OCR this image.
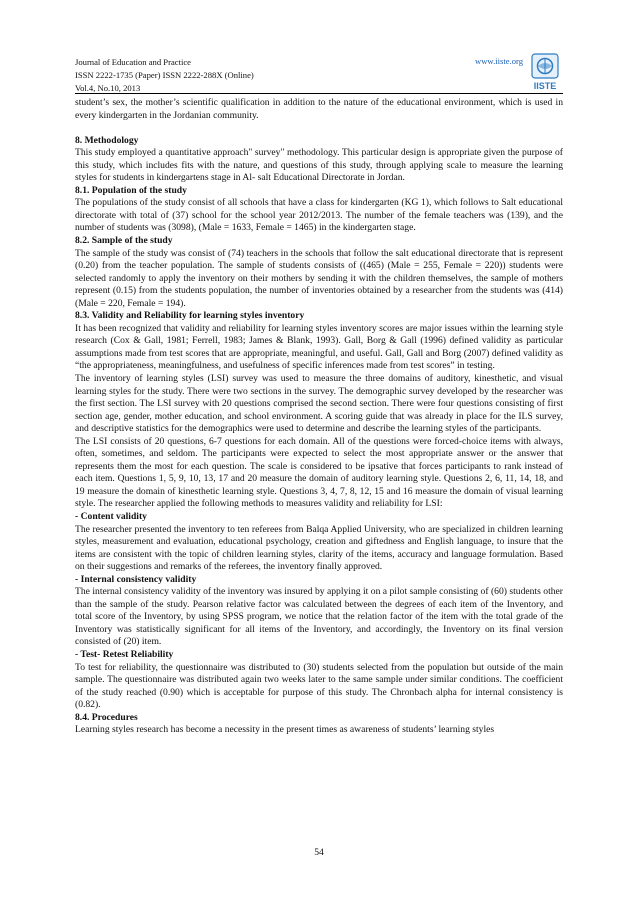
Journal of Education and Practice
ISSN 2222-1735 (Paper) ISSN 2222-288X (Online)
Vol.4, No.10, 2013
www.iiste.org
IISTE

student’s sex, the mother’s scientific qualification in addition to the nature of the educational environment, which is used in every kindergarten in the Jordanian community.

8. Methodology

This study employed a quantitative approach" survey" methodology. This particular design is appropriate given the purpose of this study, which includes fits with the nature, and questions of this study, through applying scale to measure the learning styles for students in kindergartens stage in Al- salt Educational Directorate in Jordan.

8.1. Population of the study

The populations of the study consist of all schools that have a class for kindergarten (KG 1), which follows to Salt educational directorate with total of (37) school for the school year 2012/2013. The number of the female teachers was (139), and the number of students was (3098), (Male = 1633, Female = 1465) in the kindergarten stage.

8.2. Sample of the study

The sample of the study was consist of (74) teachers in the schools that follow the salt educational directorate that is represent (0.20) from the teacher population. The sample of students consists of ((465) (Male = 255, Female = 220)) students were selected randomly to apply the inventory on their mothers by sending it with the children themselves, the sample of mothers represent (0.15) from the students population, the number of inventories obtained by a researcher from the students was (414) (Male = 220, Female = 194).

8.3. Validity and Reliability for learning styles inventory

It has been recognized that validity and reliability for learning styles inventory scores are major issues within the learning style research (Cox & Gall, 1981; Ferrell, 1983; James & Blank, 1993). Gall, Borg & Gall (1996) defined validity as particular assumptions made from test scores that are appropriate, meaningful, and useful. Gall, Gall and Borg (2007) defined validity as “the appropriateness, meaningfulness, and usefulness of specific inferences made from test scores” in testing.

The inventory of learning styles (LSI) survey was used to measure the three domains of auditory, kinesthetic, and visual learning styles for the study. There were two sections in the survey. The demographic survey developed by the researcher was the first section. The LSI survey with 20 questions comprised the second section. There were four questions consisting of first section age, gender, mother education, and school environment. A scoring guide that was already in place for the ILS survey, and descriptive statistics for the demographics were used to determine and describe the learning styles of the participants.

The LSI consists of 20 questions, 6-7 questions for each domain. All of the questions were forced-choice items with always, often, sometimes, and seldom. The participants were expected to select the most appropriate answer or the answer that represents them the most for each question. The scale is considered to be ipsative that forces participants to rank instead of each item. Questions 1, 5, 9, 10, 13, 17 and 20 measure the domain of auditory learning style. Questions 2, 6, 11, 14, 18, and 19 measure the domain of kinesthetic learning style. Questions 3, 4, 7, 8, 12, 15 and 16 measure the domain of visual learning style. The researcher applied the following methods to measures validity and reliability for LSI:

- Content validity

The researcher presented the inventory to ten referees from Balqa Applied University, who are specialized in children learning styles, measurement and evaluation, educational psychology, creation and giftedness and English language, to insure that the items are consistent with the topic of children learning styles, clarity of the items, accuracy and language formulation. Based on their suggestions and remarks of the referees, the inventory finally approved.

- Internal consistency validity

The internal consistency validity of the inventory was insured by applying it on a pilot sample consisting of (60) students other than the sample of the study. Pearson relative factor was calculated between the degrees of each item of the Inventory, and total score of the Inventory, by using SPSS program, we notice that the relation factor of the item with the total grade of the Inventory was statistically significant for all items of the Inventory, and accordingly, the Inventory on its final version consisted of (20) item.

- Test- Retest Reliability

To test for reliability, the questionnaire was distributed to (30) students selected from the population but outside of the main sample. The questionnaire was distributed again two weeks later to the same sample under similar conditions. The coefficient of the study reached (0.90) which is acceptable for purpose of this study. The Chronbach alpha for internal consistency is (0.82).

8.4. Procedures

Learning styles research has become a necessity in the present times as awareness of students’ learning styles

54
